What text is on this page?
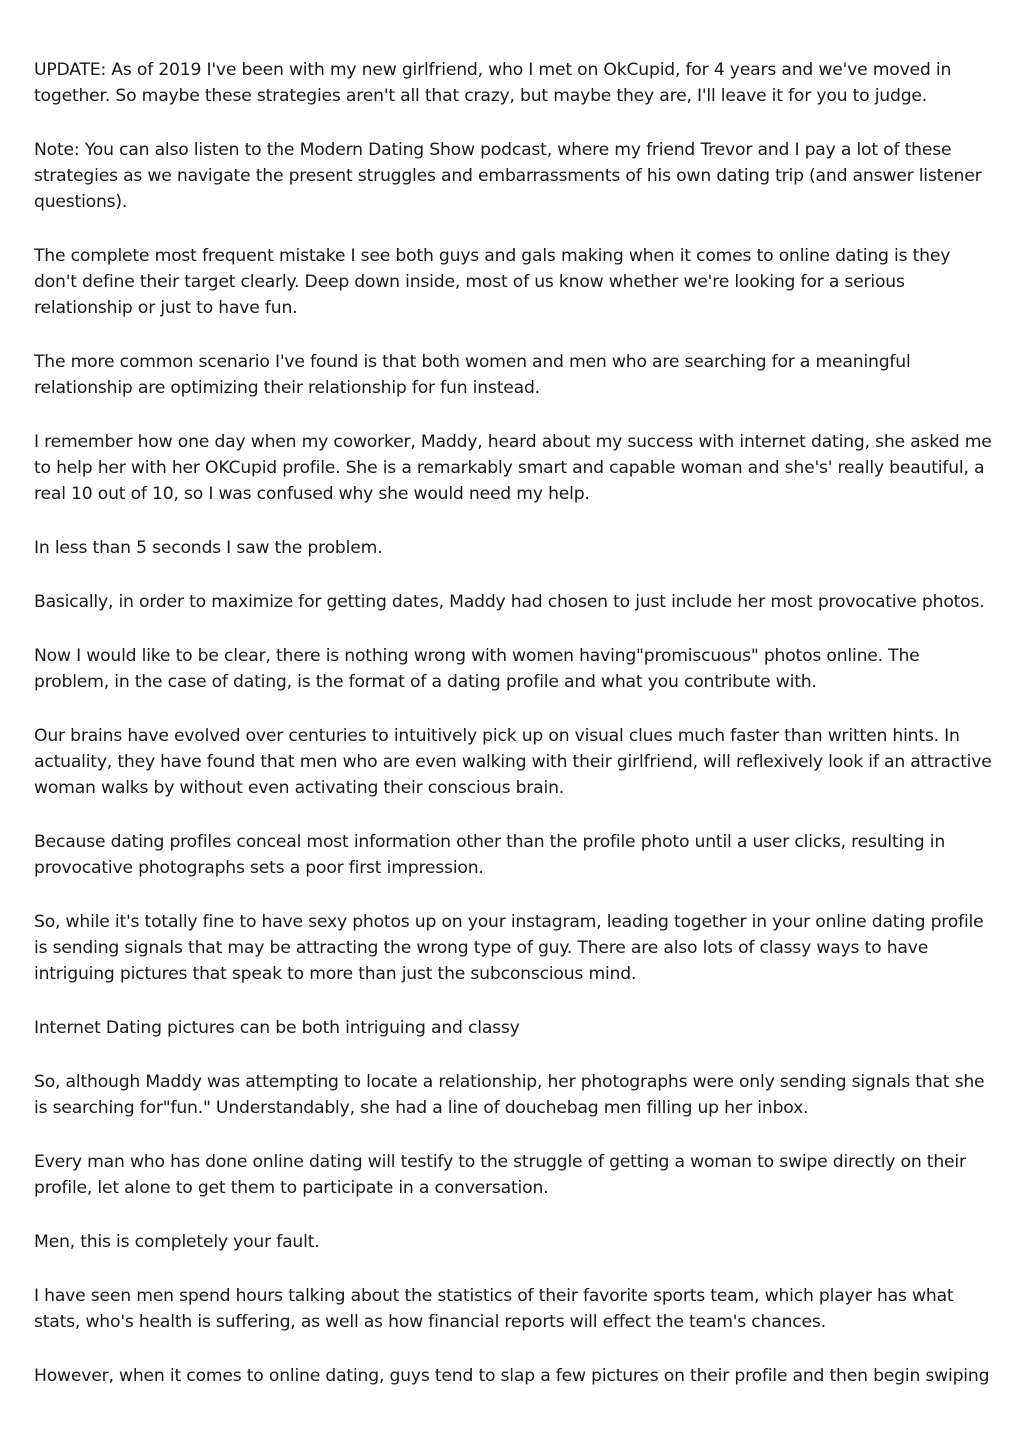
UPDATE: As of 2019 I've been with my new girlfriend, who I met on OkCupid, for 4 years and we've moved in together. So maybe these strategies aren't all that crazy, but maybe they are, I'll leave it for you to judge.

Note: You can also listen to the Modern Dating Show podcast, where my friend Trevor and I pay a lot of these strategies as we navigate the present struggles and embarrassments of his own dating trip (and answer listener questions).

The complete most frequent mistake I see both guys and gals making when it comes to online dating is they don't define their target clearly. Deep down inside, most of us know whether we're looking for a serious relationship or just to have fun.

The more common scenario I've found is that both women and men who are searching for a meaningful relationship are optimizing their relationship for fun instead.

I remember how one day when my coworker, Maddy, heard about my success with internet dating, she asked me to help her with her OKCupid profile. She is a remarkably smart and capable woman and she's' really beautiful, a real 10 out of 10, so I was confused why she would need my help.

In less than 5 seconds I saw the problem.

Basically, in order to maximize for getting dates, Maddy had chosen to just include her most provocative photos.

Now I would like to be clear, there is nothing wrong with women having"promiscuous" photos online. The problem, in the case of dating, is the format of a dating profile and what you contribute with.

Our brains have evolved over centuries to intuitively pick up on visual clues much faster than written hints. In actuality, they have found that men who are even walking with their girlfriend, will reflexively look if an attractive woman walks by without even activating their conscious brain.

Because dating profiles conceal most information other than the profile photo until a user clicks, resulting in provocative photographs sets a poor first impression.

So, while it's totally fine to have sexy photos up on your instagram, leading together in your online dating profile is sending signals that may be attracting the wrong type of guy. There are also lots of classy ways to have intriguing pictures that speak to more than just the subconscious mind.

Internet Dating pictures can be both intriguing and classy

So, although Maddy was attempting to locate a relationship, her photographs were only sending signals that she is searching for"fun." Understandably, she had a line of douchebag men filling up her inbox.

Every man who has done online dating will testify to the struggle of getting a woman to swipe directly on their profile, let alone to get them to participate in a conversation.

Men, this is completely your fault.

I have seen men spend hours talking about the statistics of their favorite sports team, which player has what stats, who's health is suffering, as well as how financial reports will effect the team's chances.

However, when it comes to online dating, guys tend to slap a few pictures on their profile and then begin swiping
